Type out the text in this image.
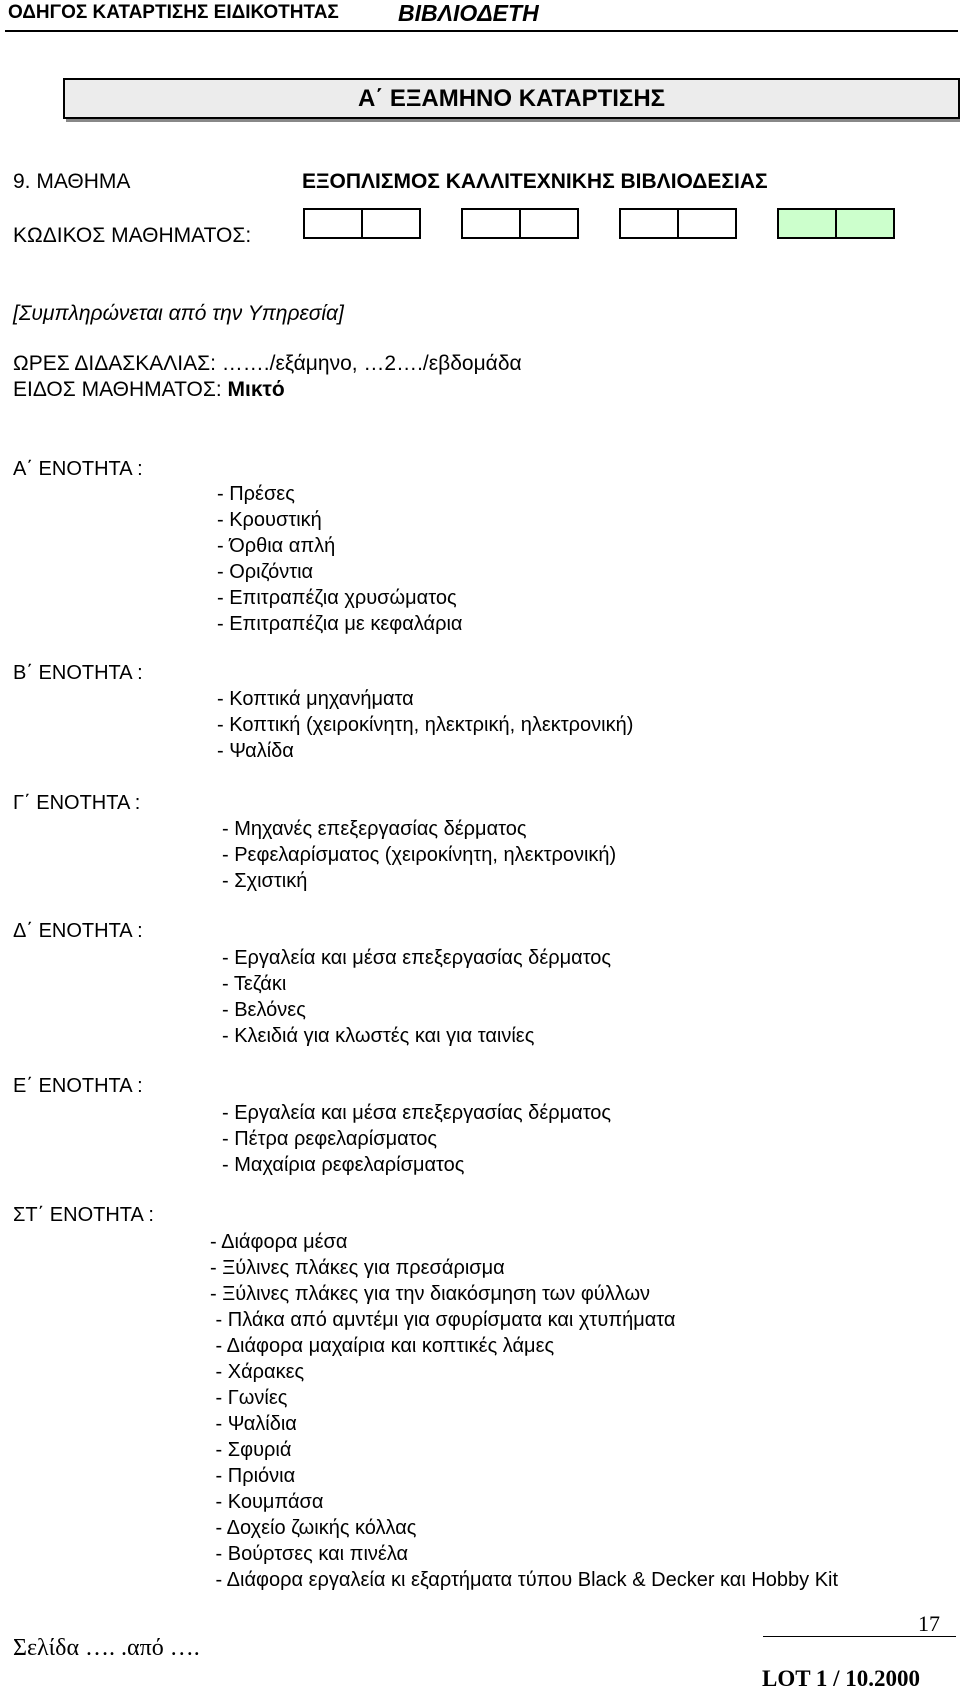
ΟΔΗΓΟΣ ΚΑΤΑΡΤΙΣΗΣ ΕΙΔΙΚΟΤΗΤΑΣ	ΒΙΒΛΙΟΔΕΤΗ
Α΄ ΕΞΑΜΗΝΟ ΚΑΤΑΡΤΙΣΗΣ
9. ΜΑΘΗΜΑ	ΕΞΟΠΛΙΣΜΟΣ ΚΑΛΛΙΤΕΧΝΙΚΗΣ ΒΙΒΛΙΟΔΕΣΙΑΣ
ΚΩΔΙΚΟΣ ΜΑΘΗΜΑΤΟΣ:
[Συμπληρώνεται από την Υπηρεσία]
ΩΡΕΣ ΔΙΔΑΣΚΑΛΙΑΣ: ……./εξάμηνο, …2…./εβδομάδα
ΕΙΔΟΣ ΜΑΘΗΜΑΤΟΣ: Μικτό
Α΄ ΕΝΟΤΗΤΑ :
- Πρέσες
- Κρουστική
- Όρθια απλή
- Οριζόντια
- Επιτραπέζια χρυσώματος
- Επιτραπέζια με κεφαλάρια
Β΄ ΕΝΟΤΗΤΑ :
- Κοπτικά μηχανήματα
- Κοπτική (χειροκίνητη, ηλεκτρική, ηλεκτρονική)
- Ψαλίδα
Γ΄ ΕΝΟΤΗΤΑ :
- Μηχανές επεξεργασίας δέρματος
- Ρεφελαρίσματος (χειροκίνητη, ηλεκτρονική)
- Σχιστική
Δ΄ ΕΝΟΤΗΤΑ :
- Εργαλεία και μέσα επεξεργασίας δέρματος
- Τεζάκι
- Βελόνες
- Κλειδιά για κλωστές και για ταινίες
Ε΄ ΕΝΟΤΗΤΑ :
- Εργαλεία και μέσα επεξεργασίας δέρματος
- Πέτρα ρεφελαρίσματος
- Μαχαίρια ρεφελαρίσματος
ΣΤ΄ ΕΝΟΤΗΤΑ :
- Διάφορα μέσα
- Ξύλινες πλάκες για πρεσάρισμα
- Ξύλινες πλάκες για την διακόσμηση των φύλλων
- Πλάκα από αμντέμι για σφυρίσματα και χτυπήματα
- Διάφορα μαχαίρια και κοπτικές λάμες
- Χάρακες
- Γωνίες
- Ψαλίδια
- Σφυριά
- Πριόνια
- Κουμπάσα
- Δοχείο ζωικής κόλλας
- Βούρτσες και πινέλα
- Διάφορα εργαλεία κι εξαρτήματα τύπου Black & Decker και Hobby Kit
17
Σελίδα …. .από ….
LOT 1 / 10.2000
